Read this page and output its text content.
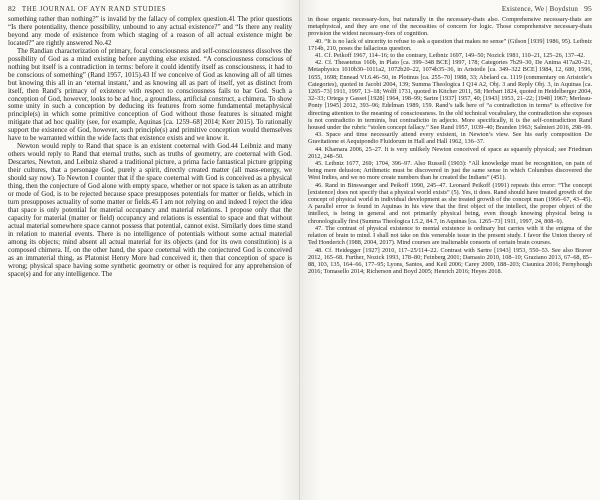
82 THE JOURNAL OF AYN RAND STUDIES

something rather than nothing?” is invalid by the fallacy of complex question.41 The prior questions “Is there potentiality, thence possibility, unbound to any actual existence?” and “Is there any reality beyond any mode of existence from which staging of a reason of all actual existence might be located?” are rightly answered No.42

The Randian characterization of primary, focal consciousness and self-consciousness dissolves the possibility of God as a mind existing before anything else existed. “A consciousness conscious of nothing but itself is a contradiction in terms: before it could identify itself as consciousness, it had to be conscious of something” (Rand 1957, 1015).43 If we conceive of God as knowing all of all times but knowing this all in an ‘eternal instant,’ and as knowing all as part of itself, yet as distinct from itself, then Rand’s primacy of existence with respect to consciousness fails to bar God. Such a conception of God, however, looks to be ad hoc, a groundless, artificial construct, a chimera. To show some unity in such a conception by deducing its features from some fundamental metaphysical principle(s) in which some primitive conception of God without those features is situated might mitigate that ad hoc quality (see, for example, Aquinas [ca. 1259–68] 2014; Kerr 2015). To rationally support the existence of God, however, such principle(s) and primitive conception would themselves have to be warranted within the wide facts that existence exists and we know it.

Newton would reply to Rand that space is an existent coeternal with God.44 Leibniz and many others would reply to Rand that eternal truths, such as truths of geometry, are coeternal with God. Descartes, Newton, and Leibniz shared a traditional picture, a prima facie fantastical picture gripping their cultures, that a personage God, purely a spirit, directly created matter (all mass-energy, we should say now). To Newton I counter that if the space coeternal with God is conceived as a physical thing, then the conjecture of God alone with empty space, whether or not space is taken as an attribute or mode of God, is to be rejected because space presupposes potentials for matter or fields, which in turn presupposes actuality of some matter or fields.45 I am not relying on and indeed I reject the idea that space is only potential for material occupancy and material relations. I propose only that the capacity for material (matter or field) occupancy and relations is essential to space and that without actual material somewhere space cannot possess that potential, cannot exist. Similarly does time stand in relation to material events. There is no intelligence of potentials without some actual material among its objects; mind absent all actual material for its objects (and for its own constitution) is a composed chimera. If, on the other hand, the space coeternal with the conjectured God is conceived as an immaterial thing, as Platonist Henry More had conceived it, then that conception of space is wrong; physical space having some synthetic geometry or other is required for any apprehension of space(s) and for any intelligence. The

Existence, We | Boydstun 95

in those organic necessary-fors, but naturally in the necessary-thats also. Comprehensive necessary-thats are metaphysical, and they are one of the necessities of concern for logic. Those comprehensive necessary-thats provision the widest necessary-fors of cognition.

40. “It is no lack of sincerity to refuse to ask a question that makes no sense” (Gilson [1939] 1986, 95). Leibniz 1714b, 210, poses the fallacious question.

41. Cf. Peikoff 1967, 114–16; to the contrary, Leibniz 1697, 149–50; Nozick 1981, 110–21, 125–26, 137–42.

42. Cf. Theaetetus 160b, in Plato [ca. 399–348 BCE] 1997, 178; Categories 7b29–30, De Anima 417a20–21, Metaphysics 1010b30–1011a2, 1072b20–22, 1074b35–36, in Aristotle [ca. 349–322 BCE] 1984, 12, 680, 1596, 1655, 1698; Ennead VI.6.46–50, in Plotinus [ca. 255–70] 1988, 33; Abelard ca. 1119 (commentary on Aristotle’s Categories), quoted in Jacobi 2004, 139; Summa Theologica I Q14 A2, Obj. 3 and Reply Obj. 3, in Aquinas [ca. 1265–73] 1911, 1997, 13–18; Wolff 1731, quoted in Kitcher 2011, 58; Herbart 1824, quoted in Heidelberger 2004, 32–33; Ortega y Gasset [1928] 1964, 198–99; Sartre [1937] 1957, 40; [1943] 1953, 21–22; [1948] 1967; Merleau-Ponty [1945] 2012, 393–96; Edelman 1989, 159. Rand’s talk here of “a contradiction in terms” is effective for directing attention to the meaning of consciousness. In the old technical vocabulary, the contradiction she exposes is not contradictio in terminis, but contradictio in adjecto. More specifically, it is the self-contradiction Rand housed under the rubric “stolen concept fallacy.” See Rand 1957, 1039–40; Branden 1963; Salmieri 2016, 298–99.

43. Space and time necessarily attend every existent, in Newton’s view. See his early composition De Gravitatione et Aequipondio Fluidorum in Hall and Hall 1962, 136–37.

44. Khamara 2006, 25–27. It is very unlikely Newton conceived of space as squarely physical; see Friedman 2012, 248–50.

45. Leibniz 1677, 269; 1704, 396–97. Also Russell (1903): “All knowledge must be recognition, on pain of being mere delusion; Arithmetic must be discovered in just the same sense in which Columbus discovered the West Indies, and we no more create numbers than he created the Indians” (451).

46. Rand in Binswanger and Peikoff 1990, 245–47. Leonard Peikoff (1991) repeats this error: “The concept [existence] does not specify that a physical world exists” (5). Yes, it does. Rand should have treated growth of the concept of physical world in individual development as she treated growth of the concept man (1966–67, 43–45). A parallel error is found in Aquinas in his view that the first object of the intellect, the proper object of the intellect, is being in general and not primarily physical being, even though knowing physical being is chronologically first (Summa Theologica I.5.2, 84.7, in Aquinas [ca. 1265–73] 1911, 1997, 24, 808–9).

47. The contrast of physical existence to mental existence is ordinary but carries with it the enigma of the relation of brain to mind. I shall not take on this venerable issue in the present study. I favor the Union theory of Ted Honderich (1988, 2004, 2017). Mind courses are inalienable consorts of certain brain courses.

48. Cf. Heidegger [1927] 2010, 117–25/114–22. Contrast with Sartre [1943] 1953, 550–53. See also Braver 2012, 165–68. Further, Nozick 1993, 178–80; Feinberg 2001; Damasio 2010, 108–10; Graziano 2013, 67–68, 85–88, 103, 135, 164–66, 177–95; Lyons, Santos, and Keil 2006; Carey 2009, 188–203; Ciaunica 2016; Fernyhough 2016; Tomasello 2014; Richerson and Boyd 2005; Henrich 2016; Heyes 2018.
